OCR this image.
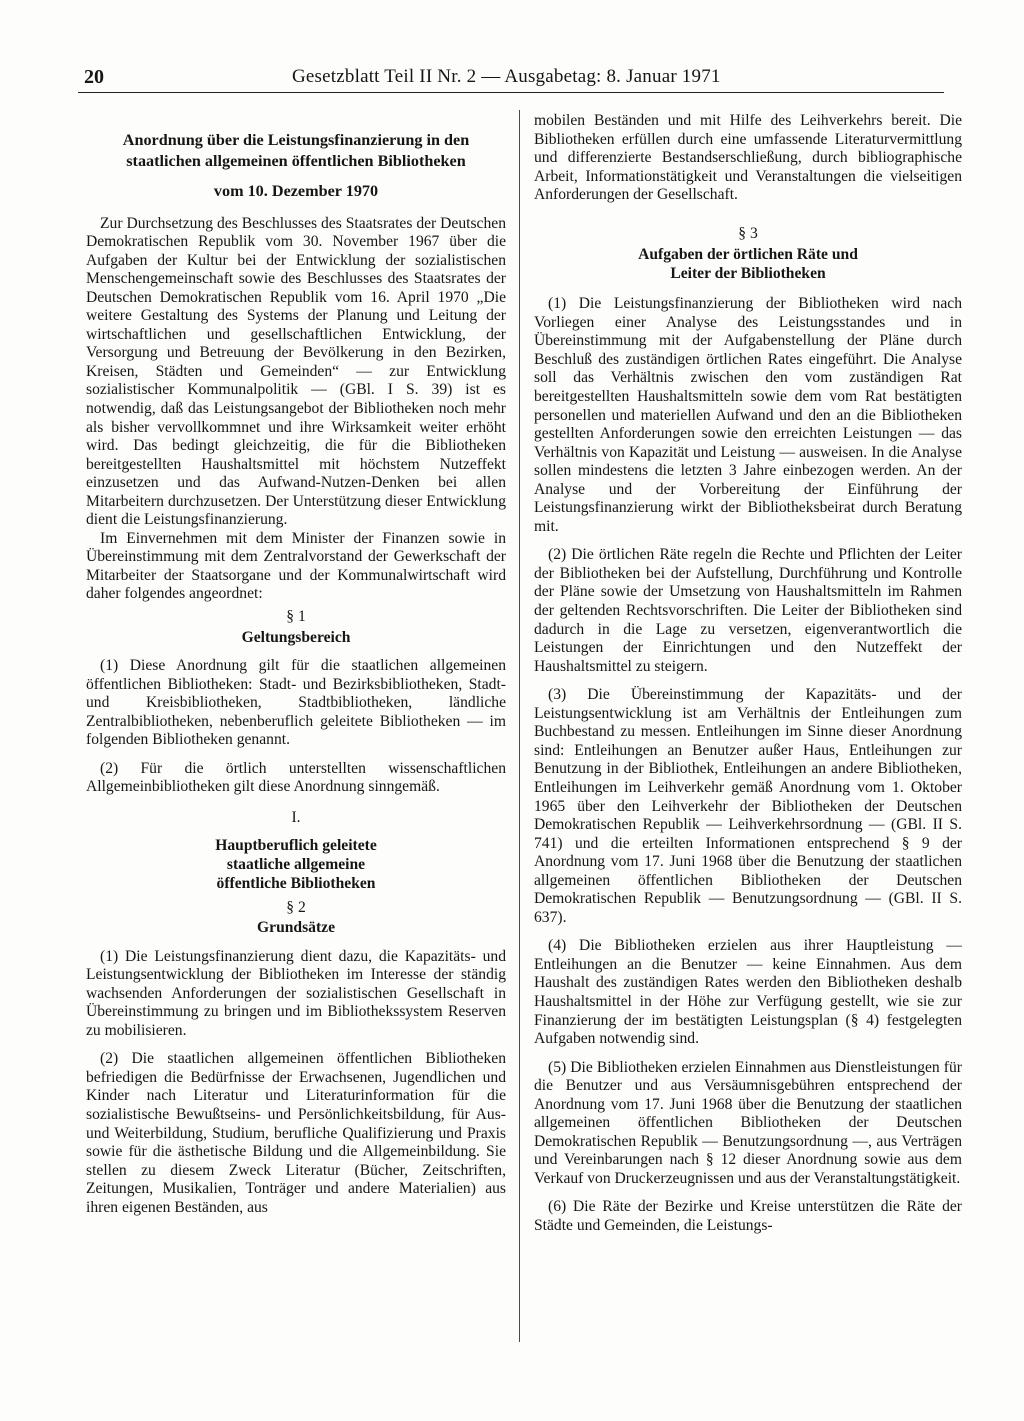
20	Gesetzblatt Teil II Nr. 2 — Ausgabetag: 8. Januar 1971

Anordnung über die Leistungsfinanzierung in den staatlichen allgemeinen öffentlichen Bibliotheken

vom 10. Dezember 1970

Zur Durchsetzung des Beschlusses des Staatsrates der Deutschen Demokratischen Republik vom 30. November 1967 über die Aufgaben der Kultur bei der Entwicklung der sozialistischen Menschengemeinschaft sowie des Beschlusses des Staatsrates der Deutschen Demokratischen Republik vom 16. April 1970 „Die weitere Gestaltung des Systems der Planung und Leitung der wirtschaftlichen und gesellschaftlichen Entwicklung, der Versorgung und Betreuung der Bevölkerung in den Bezirken, Kreisen, Städten und Gemeinden“ — zur Entwicklung sozialistischer Kommunalpolitik — (GBl. I S. 39) ist es notwendig, daß das Leistungsangebot der Bibliotheken noch mehr als bisher vervollkommnet und ihre Wirksamkeit weiter erhöht wird. Das bedingt gleichzeitig, die für die Bibliotheken bereitgestellten Haushaltsmittel mit höchstem Nutzeffekt einzusetzen und das Aufwand-Nutzen-Denken bei allen Mitarbeitern durchzusetzen. Der Unterstützung dieser Entwicklung dient die Leistungsfinanzierung.

Im Einvernehmen mit dem Minister der Finanzen sowie in Übereinstimmung mit dem Zentralvorstand der Gewerkschaft der Mitarbeiter der Staatsorgane und der Kommunalwirtschaft wird daher folgendes angeordnet:

§ 1

Geltungsbereich

(1) Diese Anordnung gilt für die staatlichen allgemeinen öffentlichen Bibliotheken: Stadt- und Bezirksbibliotheken, Stadt- und Kreisbibliotheken, Stadtbibliotheken, ländliche Zentralbibliotheken, nebenberuflich geleitete Bibliotheken — im folgenden Bibliotheken genannt.

(2) Für die örtlich unterstellten wissenschaftlichen Allgemeinbibliotheken gilt diese Anordnung sinngemäß.

I.

Hauptberuflich geleitete staatliche allgemeine öffentliche Bibliotheken

§ 2

Grundsätze

(1) Die Leistungsfinanzierung dient dazu, die Kapazitäts- und Leistungsentwicklung der Bibliotheken im Interesse der ständig wachsenden Anforderungen der sozialistischen Gesellschaft in Übereinstimmung zu bringen und im Bibliothekssystem Reserven zu mobilisieren.

(2) Die staatlichen allgemeinen öffentlichen Bibliotheken befriedigen die Bedürfnisse der Erwachsenen, Jugendlichen und Kinder nach Literatur und Literaturinformation für die sozialistische Bewußtseins- und Persönlichkeitsbildung, für Aus- und Weiterbildung, Studium, berufliche Qualifizierung und Praxis sowie für die ästhetische Bildung und die Allgemeinbildung. Sie stellen zu diesem Zweck Literatur (Bücher, Zeitschriften, Zeitungen, Musikalien, Tonträger und andere Materialien) aus ihren eigenen Beständen, aus

mobilen Beständen und mit Hilfe des Leihverkehrs bereit. Die Bibliotheken erfüllen durch eine umfassende Literaturvermittlung und differenzierte Bestandserschließung, durch bibliographische Arbeit, Informationstätigkeit und Veranstaltungen die vielseitigen Anforderungen der Gesellschaft.

§ 3

Aufgaben der örtlichen Räte und Leiter der Bibliotheken

(1) Die Leistungsfinanzierung der Bibliotheken wird nach Vorliegen einer Analyse des Leistungsstandes und in Übereinstimmung mit der Aufgabenstellung der Pläne durch Beschluß des zuständigen örtlichen Rates eingeführt. Die Analyse soll das Verhältnis zwischen den vom zuständigen Rat bereitgestellten Haushaltsmitteln sowie dem vom Rat bestätigten personellen und materiellen Aufwand und den an die Bibliotheken gestellten Anforderungen sowie den erreichten Leistungen — das Verhältnis von Kapazität und Leistung — ausweisen. In die Analyse sollen mindestens die letzten 3 Jahre einbezogen werden. An der Analyse und der Vorbereitung der Einführung der Leistungsfinanzierung wirkt der Bibliotheksbeirat durch Beratung mit.

(2) Die örtlichen Räte regeln die Rechte und Pflichten der Leiter der Bibliotheken bei der Aufstellung, Durchführung und Kontrolle der Pläne sowie der Umsetzung von Haushaltsmitteln im Rahmen der geltenden Rechtsvorschriften. Die Leiter der Bibliotheken sind dadurch in die Lage zu versetzen, eigenverantwortlich die Leistungen der Einrichtungen und den Nutzeffekt der Haushaltsmittel zu steigern.

(3) Die Übereinstimmung der Kapazitäts- und der Leistungsentwicklung ist am Verhältnis der Entleihungen zum Buchbestand zu messen. Entleihungen im Sinne dieser Anordnung sind: Entleihungen an Benutzer außer Haus, Entleihungen zur Benutzung in der Bibliothek, Entleihungen an andere Bibliotheken, Entleihungen im Leihverkehr gemäß Anordnung vom 1. Oktober 1965 über den Leihverkehr der Bibliotheken der Deutschen Demokratischen Republik — Leihverkehrsordnung — (GBl. II S. 741) und die erteilten Informationen entsprechend § 9 der Anordnung vom 17. Juni 1968 über die Benutzung der staatlichen allgemeinen öffentlichen Bibliotheken der Deutschen Demokratischen Republik — Benutzungsordnung — (GBl. II S. 637).

(4) Die Bibliotheken erzielen aus ihrer Hauptleistung — Entleihungen an die Benutzer — keine Einnahmen. Aus dem Haushalt des zuständigen Rates werden den Bibliotheken deshalb Haushaltsmittel in der Höhe zur Verfügung gestellt, wie sie zur Finanzierung der im bestätigten Leistungsplan (§ 4) festgelegten Aufgaben notwendig sind.

(5) Die Bibliotheken erzielen Einnahmen aus Dienstleistungen für die Benutzer und aus Versäumnisgebühren entsprechend der Anordnung vom 17. Juni 1968 über die Benutzung der staatlichen allgemeinen öffentlichen Bibliotheken der Deutschen Demokratischen Republik — Benutzungsordnung —, aus Verträgen und Vereinbarungen nach § 12 dieser Anordnung sowie aus dem Verkauf von Druckerzeugnissen und aus der Veranstaltungstätigkeit.

(6) Die Räte der Bezirke und Kreise unterstützen die Räte der Städte und Gemeinden, die Leistungs-
